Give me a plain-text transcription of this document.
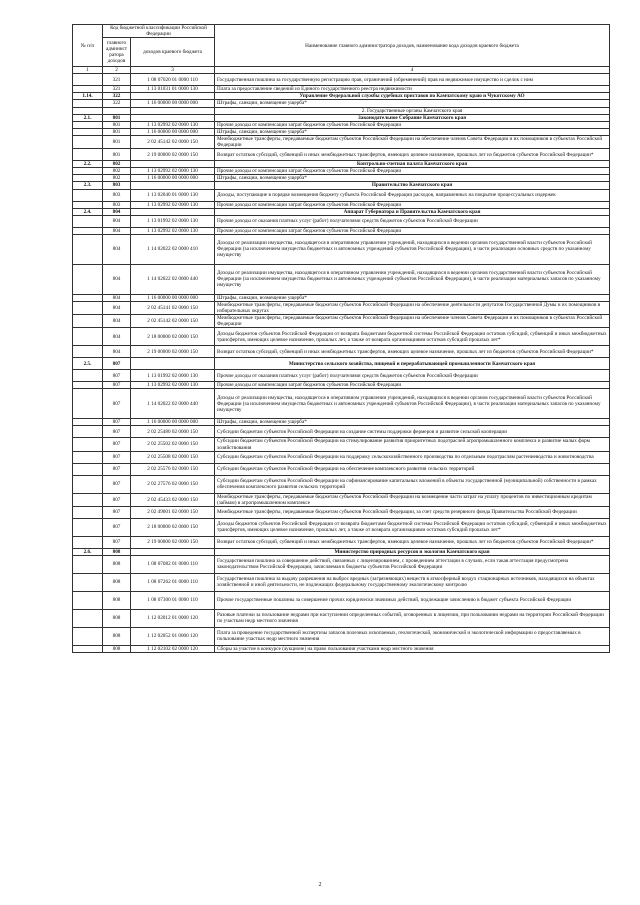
№ п/п	Код бюджетной классификации Российской Федерации		Наименование главного администратора доходов, наименование кода доходов краевого бюджета
	главного администратора доходов	доходов краевого бюджета	
1	2	3	4
	321	1 08 07020 01 0000 110	Государственная пошлина за государственную регистрацию прав, ограничений (обременений) прав на недвижимое имущество и сделок с ним
	321	1 13 01031 01 0000 130	Плата за предоставление сведений из Единого государственного реестра недвижимости
1.14.	322		Управление Федеральной службы судебных приставов по Камчатскому краю и Чукотскому АО
	322	1 16 00000 00 0000 000	Штрафы, санкции, возмещение ущерба*
			2. Государственные органы Камчатского края
2.1.	801		Законодательное Собрание Камчатского края
	801	1 13 02992 02 0000 130	Прочие доходы от компенсации затрат бюджетов субъектов Российской Федерации
	801	1 16 00000 00 0000 000	Штрафы, санкции, возмещение ущерба*
	801	2 02 45142 02 0000 150	Межбюджетные трансферты, передаваемые бюджетам субъектов Российской Федерации на обеспечение членов Совета Федерации и их помощников в субъектах Российской Федерации
	801	2 19 00000 02 0000 150	Возврат остатков субсидий, субвенций и иных межбюджетных трансфертов, имеющих целевое назначение, прошлых лет из бюджетов субъектов Российской Федерации*
2.2.	802		Контрольно-счетная палата Камчатского края
	802	1 13 02992 02 0000 130	Прочие доходы от компенсации затрат бюджетов субъектов Российской Федерации
	802	1 16 00000 00 0000 000	Штрафы, санкции, возмещение ущерба*
2.3.	803		Правительство Камчатского края
	803	1 13 02040 01 0000 130	Доходы, поступающие в порядке возмещения бюджету субъекта Российской Федерации расходов, направленных на покрытие процессуальных издержек
	803	1 13 02992 02 0000 130	Прочие доходы от компенсации затрат бюджетов субъектов Российской Федерации
2.4.	804		Аппарат Губернатора и Правительства Камчатского края
	804	1 13 01992 02 0000 130	Прочие доходы от оказания платных услуг (работ) получателями средств бюджетов субъектов Российской Федерации
	804	1 13 02992 02 0000 130	Прочие доходы от компенсации затрат бюджетов субъектов Российской Федерации
	804	1 14 02022 02 0000 410	Доходы от реализации имущества, находящегося в оперативном управлении учреждений, находящихся в ведении органов государственной власти субъектов Российской Федерации (за исключением имущества бюджетных и автономных учреждений субъектов Российской Федерации), в части реализации основных средств по указанному имуществу
	804	1 14 02022 02 0000 440	Доходы от реализации имущества, находящегося в оперативном управлении учреждений, находящихся в ведении органов государственной власти субъектов Российской Федерации (за исключением имущества бюджетных и автономных учреждений субъектов Российской Федерации), в части реализации материальных запасов по указанному имуществу
	804	1 16 00000 00 0000 000	Штрафы, санкции, возмещение ущерба*
	804	2 02 45141 02 0000 150	Межбюджетные трансферты, передаваемые бюджетам субъектов Российской Федерации на обеспечение деятельности депутатов Государственной Думы и их помощников в избирательных округах
	804	2 02 45142 02 0000 150	Межбюджетные трансферты, передаваемые бюджетам субъектов Российской Федерации на обеспечение членов Совета Федерации и их помощников в субъектах Российской Федерации
	804	2 18 00000 02 0000 150	Доходы бюджетов субъектов Российской Федерации от возврата бюджетами бюджетной системы Российской Федерации остатков субсидий, субвенций и иных межбюджетных трансфертов, имеющих целевое назначение, прошлых лет, а также от возврата организациями остатков субсидий прошлых лет*
	804	2 19 00000 02 0000 150	Возврат остатков субсидий, субвенций и иных межбюджетных трансфертов, имеющих целевое назначение, прошлых лет из бюджетов субъектов Российской Федерации*
2.5.	807		Министерство сельского хозяйства, пищевой и перерабатывающей промышленности Камчатского края
	807	1 13 01992 02 0000 130	Прочие доходы от оказания платных услуг (работ) получателями средств бюджетов субъектов Российской Федерации
	807	1 13 02992 02 0000 130	Прочие доходы от компенсации затрат бюджетов субъектов Российской Федерации
	807	1 14 02022 02 0000 440	Доходы от реализации имущества, находящегося в оперативном управлении учреждений, находящихся в ведении органов государственной власти субъектов Российской Федерации (за исключением имущества бюджетных и автономных учреждений субъектов Российской Федерации), в части реализации материальных запасов по указанному имуществу
	807	1 16 00000 00 0000 000	Штрафы, санкции, возмещение ущерба*
	807	2 02 25480 02 0000 150	Субсидии бюджетам субъектов Российской Федерации на создание системы поддержки фермеров и развитие сельской кооперации
	807	2 02 25502 02 0000 150	Субсидии бюджетам субъектов Российской Федерации на стимулирование развития приоритетных подотраслей агропромышленного комплекса и развитие малых форм хозяйствования
	807	2 02 25508 02 0000 150	Субсидии бюджетам субъектов Российской Федерации на поддержку сельскохозяйственного производства по отдельным подотраслям растениеводства и животноводства
	807	2 02 25576 02 0000 150	Субсидии бюджетам субъектов Российской Федерации на обеспечение комплексного развития сельских территорий
	807	2 02 27576 02 0000 150	Субсидии бюджетам субъектов Российской Федерации на софинансирование капитальных вложений в объекты государственной (муниципальной) собственности в рамках обеспечения комплексного развития сельских территорий
	807	2 02 45433 02 0000 150	Межбюджетные трансферты, передаваемые бюджетам субъектов Российской Федерации на возмещение части затрат на уплату процентов по инвестиционным кредитам (займам) в агропромышленном комплексе
	807	2 02 49001 02 0000 150	Межбюджетные трансферты, передаваемые бюджетам субъектов Российской Федерации, за счет средств резервного фонда Правительства Российской Федерации
	807	2 18 00000 02 0000 150	Доходы бюджетов субъектов Российской Федерации от возврата бюджетами бюджетной системы Российской Федерации остатков субсидий, субвенций и иных межбюджетных трансфертов, имеющих целевое назначение, прошлых лет, а также от возврата организациями остатков субсидий прошлых лет*
	807	2 19 00000 02 0000 150	Возврат остатков субсидий, субвенций и иных межбюджетных трансфертов, имеющих целевое назначение, прошлых лет из бюджетов субъектов Российской Федерации*
2.6.	808		Министерство природных ресурсов и экологии Камчатского края
	808	1 08 07082 01 0000 110	Государственная пошлина за совершение действий, связанных с лицензированием, с проведением аттестации в случаях, если такая аттестация предусмотрена законодательством Российской Федерации, зачисляемая в бюджеты субъектов Российской Федерации
	808	1 08 07262 01 0000 110	Государственная пошлина за выдачу разрешения на выброс вредных (загрязняющих) веществ в атмосферный воздух стационарных источников, находящихся на объектах хозяйственной и иной деятельности, не подлежащих федеральному государственному экологическому контролю
	808	1 08 07300 01 0000 110	Прочие государственные пошлины за совершение прочих юридически значимых действий, подлежащие зачислению в бюджет субъекта Российской Федерации
	808	1 12 02012 01 0000 120	Разовые платежи за пользование недрами при наступлении определенных событий, оговоренных в лицензии, при пользовании недрами на территории Российской Федерации по участкам недр местного значения
	808	1 12 02052 01 0000 120	Плата за проведение государственной экспертизы запасов полезных ископаемых, геологической, экономической и экологической информации о предоставляемых в пользование участках недр местного значения
	808	1 12 02102 02 0000 120	Сборы за участие в конкурсе (аукционе) на право пользования участками недр местного значения
2
